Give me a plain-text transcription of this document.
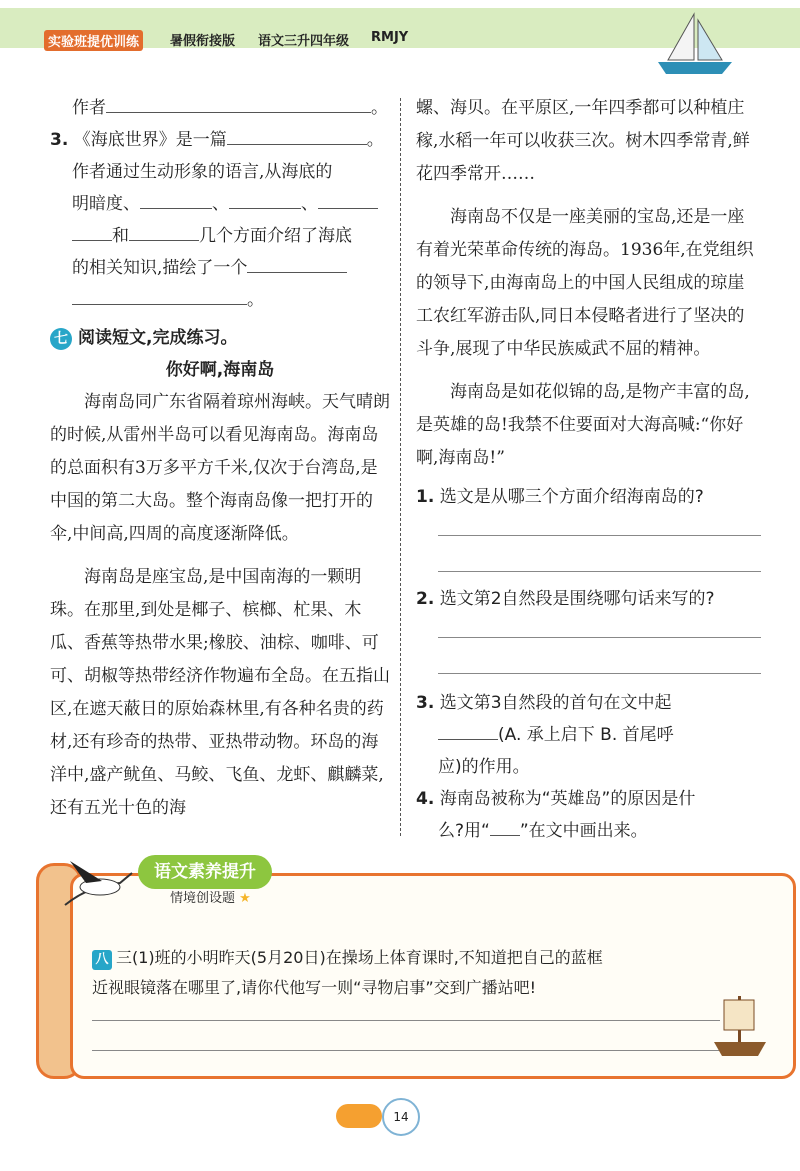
实验班提优训练	暑假衔接版 语文三升四年级 RMJY

作者	。

3. 《海底世界》是一篇	。

作者通过生动形象的语言,从海底的

明暗度、	、	、

和	几个方面介绍了海底

的相关知识,描绘了一个

。

七 阅读短文,完成练习。

你好啊,海南岛

海南岛同广东省隔着琼州海峡。天气晴朗的时候,从雷州半岛可以看见海南岛。海南岛的总面积有3万多平方千米,仅次于台湾岛,是中国的第二大岛。整个海南岛像一把打开的伞,中间高,四周的高度逐渐降低。

海南岛是座宝岛,是中国南海的一颗明珠。在那里,到处是椰子、槟榔、杧果、木瓜、香蕉等热带水果;橡胶、油棕、咖啡、可可、胡椒等热带经济作物遍布全岛。在五指山区,在遮天蔽日的原始森林里,有各种名贵的药材,还有珍奇的热带、亚热带动物。环岛的海洋中,盛产鱿鱼、马鲛、飞鱼、龙虾、麒麟菜,还有五光十色的海

螺、海贝。在平原区,一年四季都可以种植庄稼,水稻一年可以收获三次。树木四季常青,鲜花四季常开……

海南岛不仅是一座美丽的宝岛,还是一座有着光荣革命传统的海岛。1936年,在党组织的领导下,由海南岛上的中国人民组成的琼崖工农红军游击队,同日本侵略者进行了坚决的斗争,展现了中华民族威武不屈的精神。

海南岛是如花似锦的岛,是物产丰富的岛,是英雄的岛!我禁不住要面对大海高喊:“你好啊,海南岛!”

1. 选文是从哪三个方面介绍海南岛的?

2. 选文第2自然段是围绕哪句话来写的?

3. 选文第3自然段的首句在文中起

(A. 承上启下 B. 首尾呼

应)的作用。

4. 海南岛被称为“英雄岛”的原因是什

么?用“ ”在文中画出来。

语文素养提升
情境创设题 ★
八 三(1)班的小明昨天(5月20日)在操场上体育课时,不知道把自己的蓝框
近视眼镜落在哪里了,请你代他写一则“寻物启事”交到广播站吧!
14
